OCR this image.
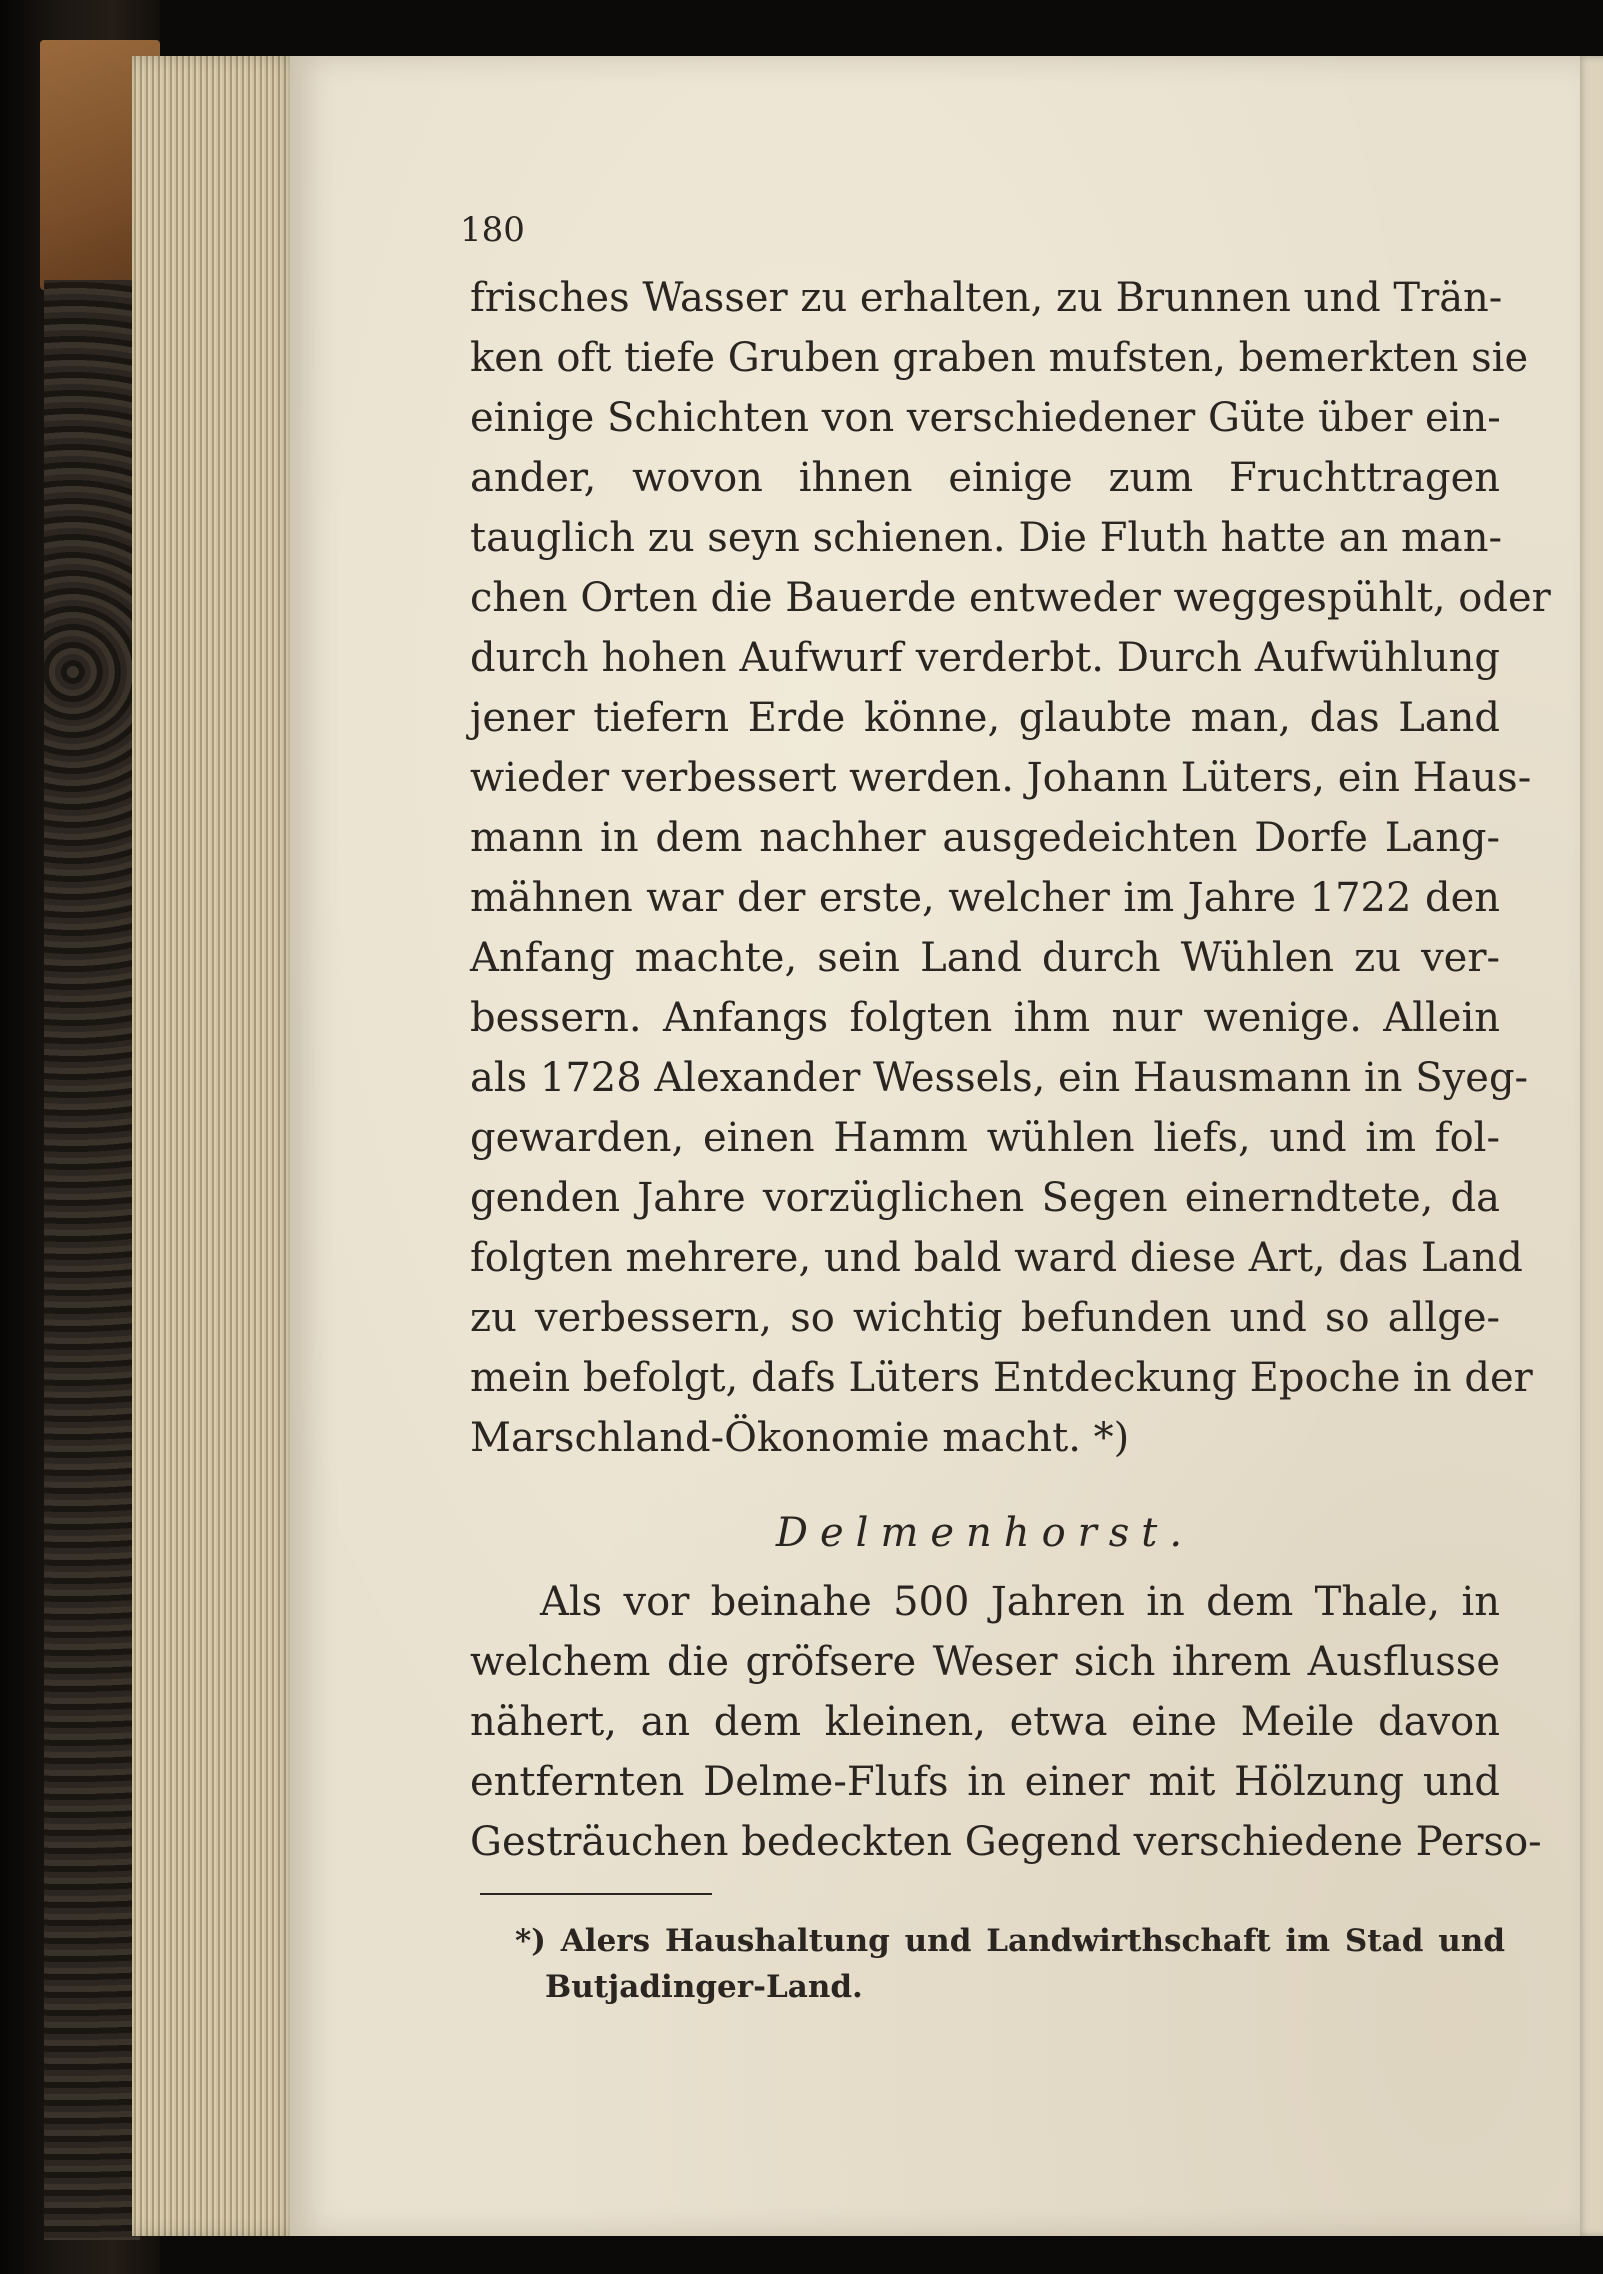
180

frisches Wasser zu erhalten, zu Brunnen und Trän-
ken oft tiefe Gruben graben mufsten, bemerkten sie
einige Schichten von verschiedener Güte über ein-
ander, wovon ihnen einige zum Fruchttragen
tauglich zu seyn schienen. Die Fluth hatte an man-
chen Orten die Bauerde entweder weggespühlt, oder
durch hohen Aufwurf verderbt. Durch Aufwühlung
jener tiefern Erde könne, glaubte man, das Land
wieder verbessert werden. Johann Lüters, ein Haus-
mann in dem nachher ausgedeichten Dorfe Lang-
mähnen war der erste, welcher im Jahre 1722 den
Anfang machte, sein Land durch Wühlen zu ver-
bessern. Anfangs folgten ihm nur wenige. Allein
als 1728 Alexander Wessels, ein Hausmann in Syeg-
gewarden, einen Hamm wühlen liefs, und im fol-
genden Jahre vorzüglichen Segen einerndtete, da
folgten mehrere, und bald ward diese Art, das Land
zu verbessern, so wichtig befunden und so allge-
mein befolgt, dafs Lüters Entdeckung Epoche in der
Marschland-Ökonomie macht. *)

Delmenhorst.

Als vor beinahe 500 Jahren in dem Thale, in
welchem die gröfsere Weser sich ihrem Ausflusse
nähert, an dem kleinen, etwa eine Meile davon
entfernten Delme-Flufs in einer mit Hölzung und
Gesträuchen bedeckten Gegend verschiedene Perso-
*) Alers Haushaltung und Landwirthschaft im Stad und
Butjadinger-Land.
